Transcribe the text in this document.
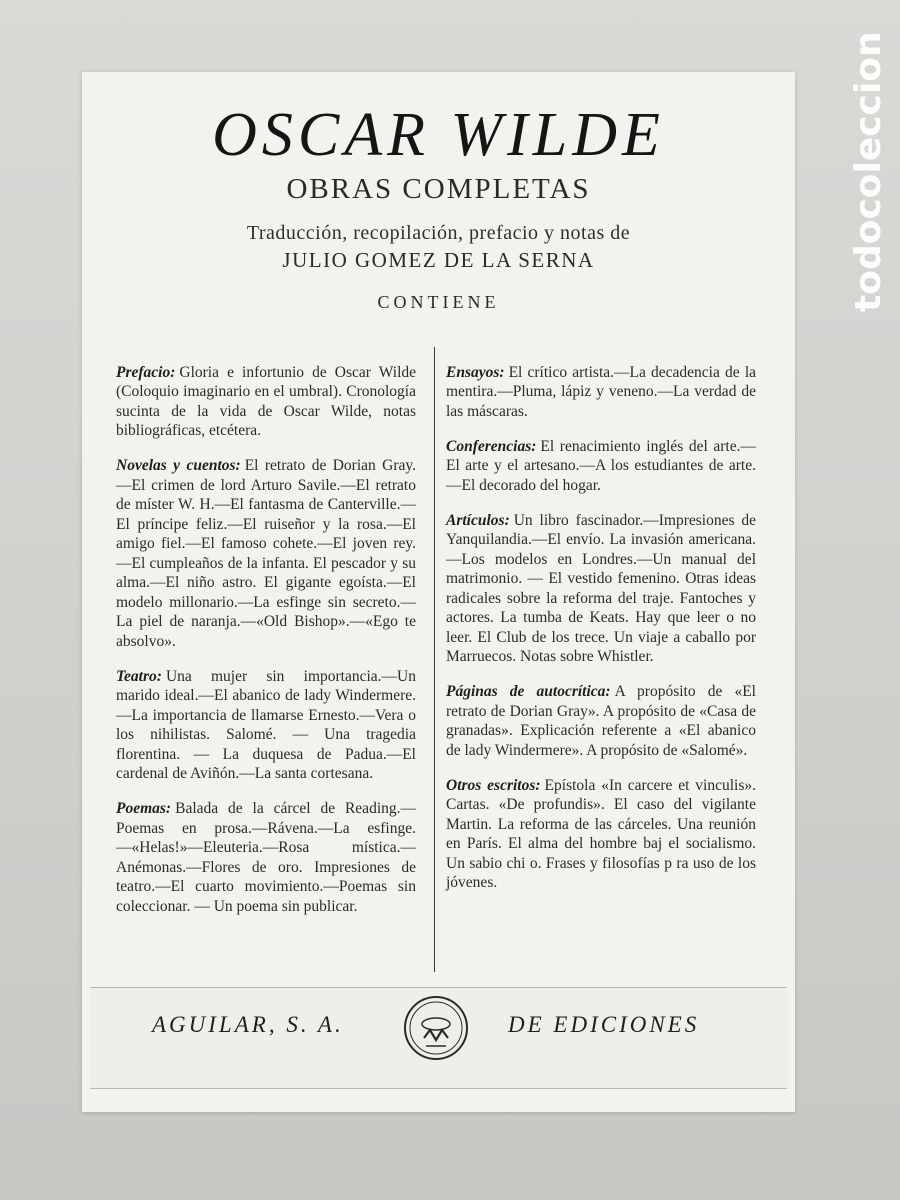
todocoleccion
OSCAR WILDE
OBRAS COMPLETAS
Traducción, recopilación, prefacio y notas de
JULIO GOMEZ DE LA SERNA
CONTIENE

Prefacio: Gloria e infortunio de Oscar Wilde (Coloquio imaginario en el umbral). Cronología sucinta de la vida de Oscar Wilde, notas bibliográficas, etcétera.

Novelas y cuentos: El retrato de Dorian Gray.—El crimen de lord Arturo Savile.—El retrato de míster W. H.—El fantasma de Canterville.—El príncipe feliz.—El ruiseñor y la rosa.—El amigo fiel.—El famoso cohete.—El joven rey.—El cumpleaños de la infanta. El pescador y su alma.—El niño astro. El gigante egoísta.—El modelo millonario.—La esfinge sin secreto.—La piel de naranja.—«Old Bishop».—«Ego te absolvo».

Teatro: Una mujer sin importancia.—Un marido ideal.—El abanico de lady Windermere.—La importancia de llamarse Ernesto.—Vera o los nihilistas. Salomé. — Una tragedia florentina. — La duquesa de Padua.—El cardenal de Aviñón.—La santa cortesana.

Poemas: Balada de la cárcel de Reading.—Poemas en prosa.—Rávena.—La esfinge.—«Helas!»—Eleuteria.—Rosa mística.—Anémonas.—Flores de oro. Impresiones de teatro.—El cuarto movimiento.—Poemas sin coleccionar. — Un poema sin publicar.

Ensayos: El crítico artista.—La decadencia de la mentira.—Pluma, lápiz y veneno.—La verdad de las máscaras.

Conferencias: El renacimiento inglés del arte.—El arte y el artesano.—A los estudiantes de arte.—El decorado del hogar.

Artículos: Un libro fascinador.—Impresiones de Yanquilandia.—El envío. La invasión americana.—Los modelos en Londres.—Un manual del matrimonio. — El vestido femenino. Otras ideas radicales sobre la reforma del traje. Fantoches y actores. La tumba de Keats. Hay que leer o no leer. El Club de los trece. Un viaje a caballo por Marruecos. Notas sobre Whistler.

Páginas de autocrítica: A propósito de «El retrato de Dorian Gray». A propósito de «Casa de granadas». Explicación referente a «El abanico de lady Windermere». A propósito de «Salomé».

Otros escritos: Epístola «In carcere et vinculis». Cartas. «De profundis». El caso del vigilante Martin. La reforma de las cárceles. Una reunión en París. El alma del hombre baj el socialismo. Un sabio chi o. Frases y filosofías p ra uso de los jóvenes.

AGUILAR, S. A.	DE EDICIONES
